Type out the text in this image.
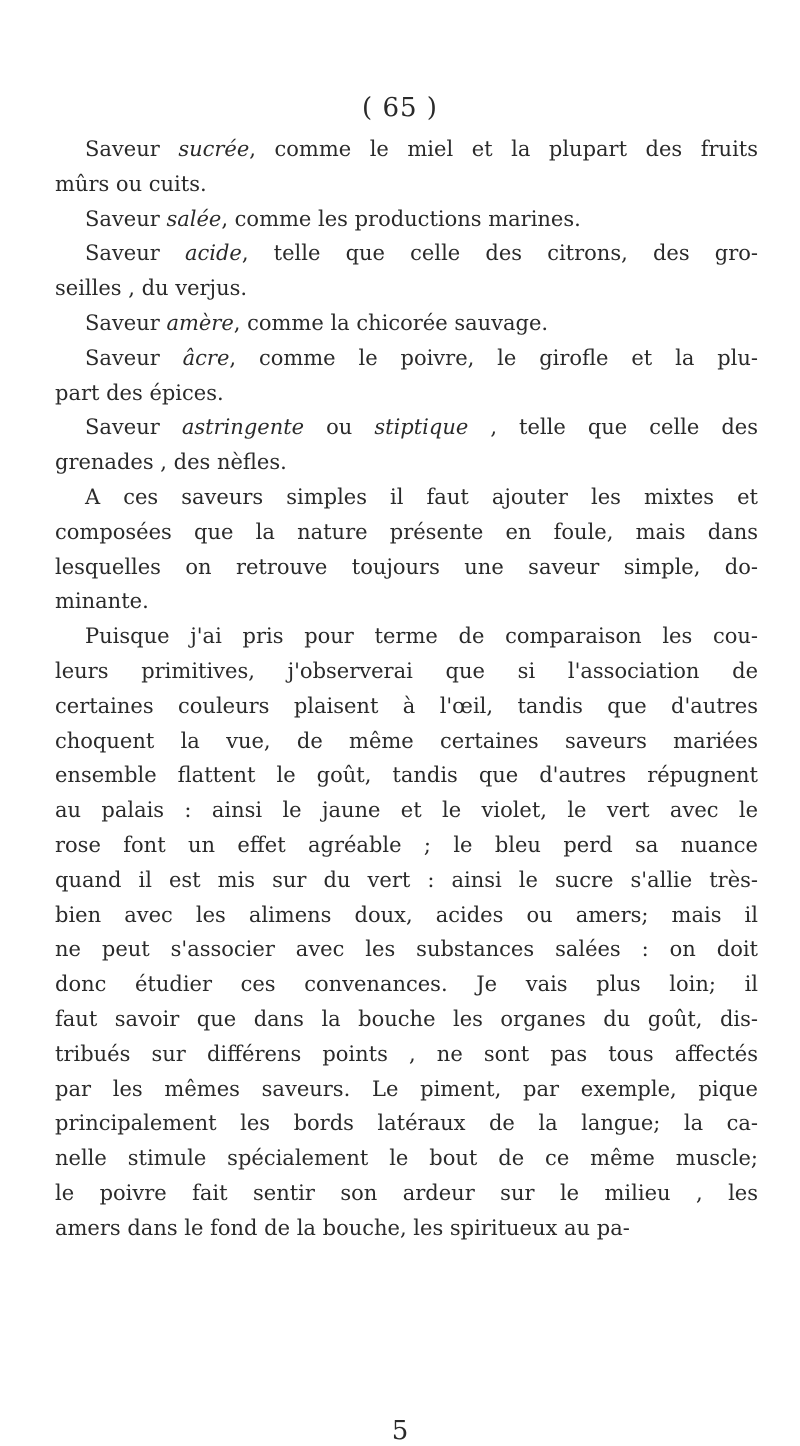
( 65 )
Saveur sucrée, comme le miel et la plupart des fruits
mûrs ou cuits.
Saveur salée, comme les productions marines.
Saveur acide, telle que celle des citrons, des gro-
seilles , du verjus.
Saveur amère, comme la chicorée sauvage.
Saveur âcre, comme le poivre, le girofle et la plu-
part des épices.
Saveur astringente ou stiptique , telle que celle des
grenades , des nèfles.
A ces saveurs simples il faut ajouter les mixtes et
composées que la nature présente en foule, mais dans
lesquelles on retrouve toujours une saveur simple, do-
minante.
Puisque j'ai pris pour terme de comparaison les cou-
leurs primitives, j'observerai que si l'association de
certaines couleurs plaisent à l'œil, tandis que d'autres
choquent la vue, de même certaines saveurs mariées
ensemble flattent le goût, tandis que d'autres répugnent
au palais : ainsi le jaune et le violet, le vert avec le
rose font un effet agréable ; le bleu perd sa nuance
quand il est mis sur du vert : ainsi le sucre s'allie très-
bien avec les alimens doux, acides ou amers; mais il
ne peut s'associer avec les substances salées : on doit
donc étudier ces convenances. Je vais plus loin; il
faut savoir que dans la bouche les organes du goût, dis-
tribués sur différens points , ne sont pas tous affectés
par les mêmes saveurs. Le piment, par exemple, pique
principalement les bords latéraux de la langue; la ca-
nelle stimule spécialement le bout de ce même muscle;
le poivre fait sentir son ardeur sur le milieu , les
amers dans le fond de la bouche, les spiritueux au pa-
5
